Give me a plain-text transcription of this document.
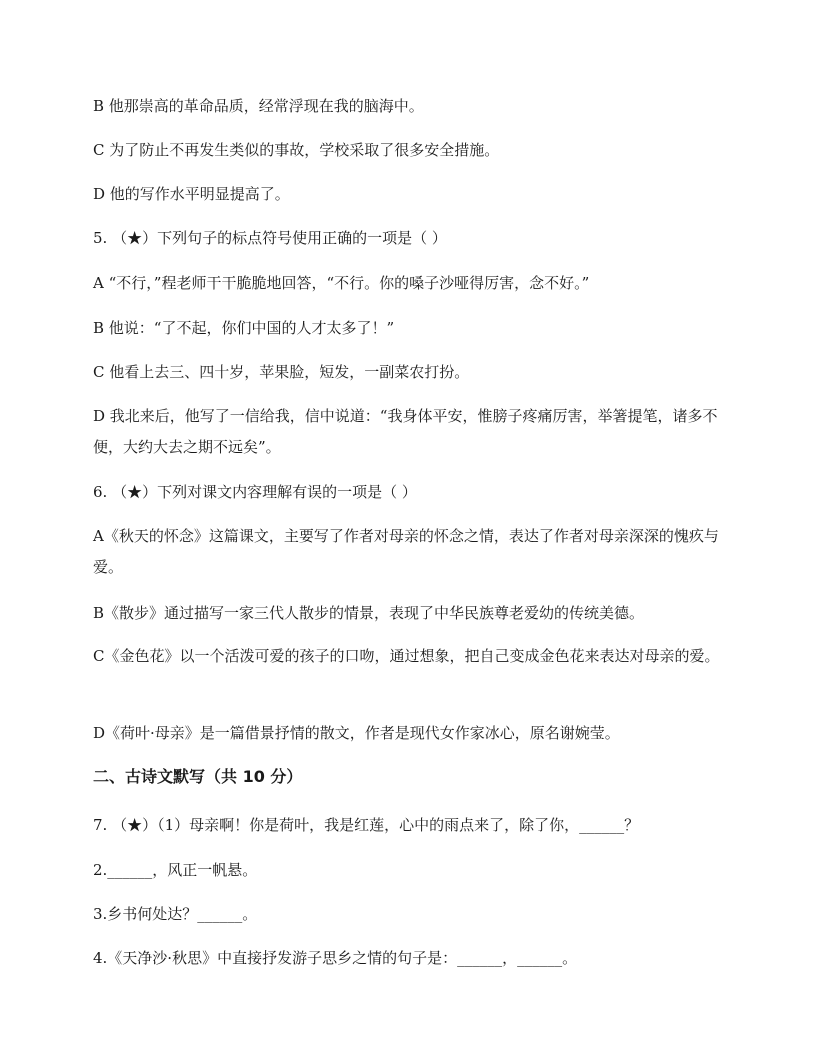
B 他那崇高的革命品质，经常浮现在我的脑海中。
C 为了防止不再发生类似的事故，学校采取了很多安全措施。
D 他的写作水平明显提高了。
5. （★）下列句子的标点符号使用正确的一项是（ ）
A “不行，”程老师干干脆脆地回答，“不行。你的嗓子沙哑得厉害，念不好。”
B 他说：“了不起，你们中国的人才太多了！”
C 他看上去三、四十岁，苹果脸，短发，一副菜农打扮。
D 我北来后，他写了一信给我，信中说道：“我身体平安，惟膀子疼痛厉害，举箸提笔，诸多不便，大约大去之期不远矣”。
6. （★）下列对课文内容理解有误的一项是（ ）
A《秋天的怀念》这篇课文，主要写了作者对母亲的怀念之情，表达了作者对母亲深深的愧疚与爱。
B《散步》通过描写一家三代人散步的情景，表现了中华民族尊老爱幼的传统美德。
C《金色花》以一个活泼可爱的孩子的口吻，通过想象，把自己变成金色花来表达对母亲的爱。
D《荷叶·母亲》是一篇借景抒情的散文，作者是现代女作家冰心，原名谢婉莹。
二、古诗文默写（共 10 分）
7. （★）（1）母亲啊！你是荷叶，我是红莲，心中的雨点来了，除了你，______？
2.______，风正一帆悬。
3.乡书何处达？______。
4.《天净沙·秋思》中直接抒发游子思乡之情的句子是：______，______。
